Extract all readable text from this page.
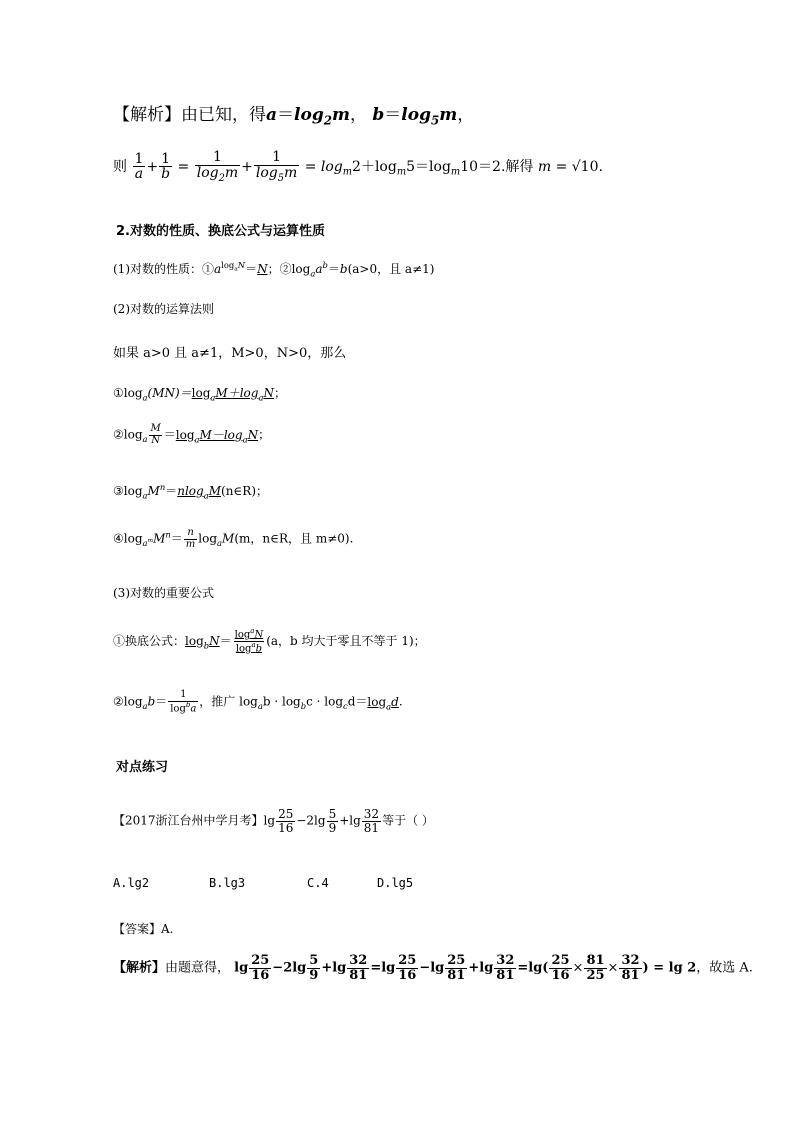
【解析】由已知，得$a=\log_2m$， $b=\log_5m$，
则 $\frac{1}{a} + \frac{1}{b} = \frac{1}{\log_2m} + \frac{1}{\log_5m} = \log_m2+\log_m5=\log_m10=2$.解得 m = √10.
2.对数的性质、换底公式与运算性质
(1)对数的性质：$①a^{log_aN}=N$；$②\log_aa^b=b(a>0$，且 a≠1)
(2)对数的运算法则
如果 a>0 且 a≠1，M>0，N>0，那么
$①\log_a(MN)=\log_aM+\log_aN$；
$②\log_a \frac{M}{N} =\log_aM-\log_aN$；
$③\log_aM^n=nlog_aM(n\in R)$；
$④\log_{a^m}M^n= \frac{n}{m} \log_aM(m$，n∈R，且 m≠0).
(3)对数的重要公式
①换底公式：$\log_bN= \frac{\log^aN}{\log^ab} (a$，b 均大于零且不等于 1)；
$②\log_ab= \frac{1}{\log^ba}$ ，推广 $\log_ab \cdot \log_bc \cdot \log_cd=\log_ad$.
对点练习
【2017浙江台州中学月考】$\lg \frac{25}{16} -2\lg \frac{5}{9} +\lg \frac{32}{81}$ 等于（ ）
A.lg2	B.lg3	C.4	D.lg5
【答案】A.
【解析】由题意得， $\lg \frac{25}{16} -2\lg \frac{5}{9} +\lg \frac{32}{81} =\lg \frac{25}{16} -\lg \frac{25}{81} +\lg \frac{32}{81} =\lg( \frac{25}{16} \times \frac{81}{25} \times \frac{32}{81}$ ) = lg 2，故选 A.
